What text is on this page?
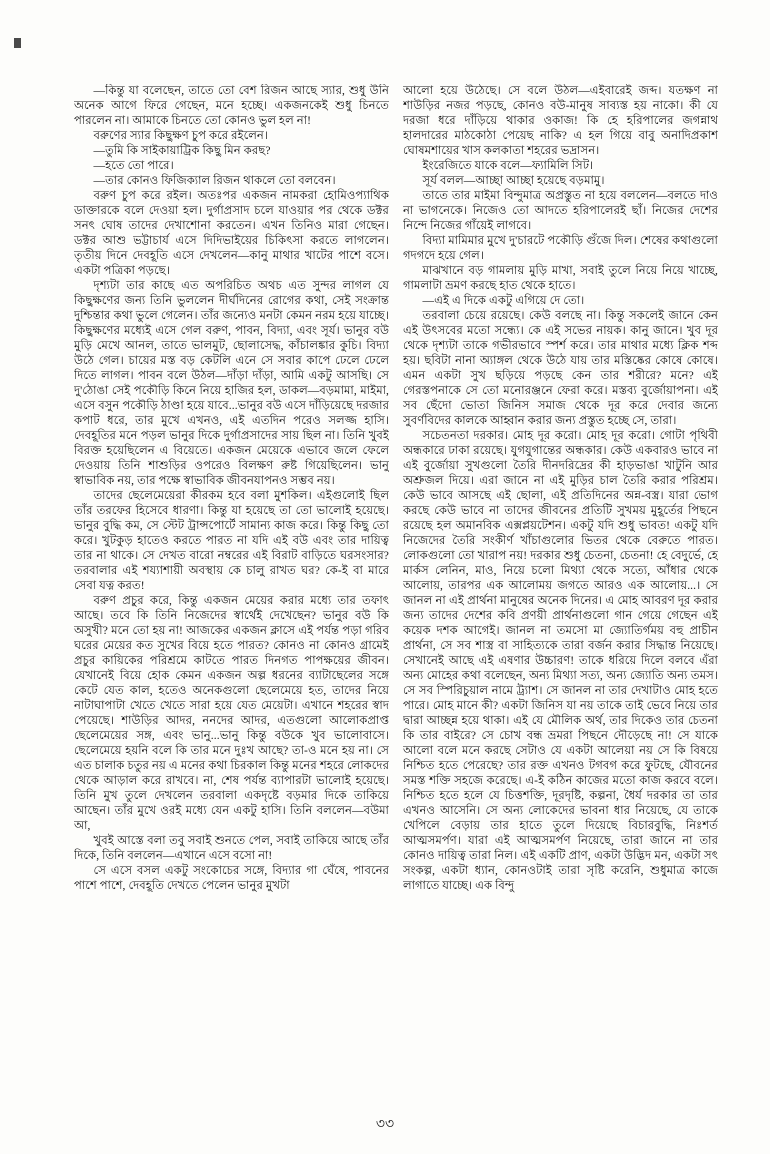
—কিন্তু যা বলেছেন, তাতে তো বেশ রিজন আছে স্যার, শুধু উনি অনেক আগে ফিরে গেছেন, মনে হচ্ছে। একজনকেই শুধু চিনতে পারলেন না। আমাকে চিনতে তো কোনও ভুল হল না!

বরুণের স্যার কিছুক্ষণ চুপ করে রইলেন।

—তুমি কি সাইকায়াট্রিক কিছু মিন করছ?

—হতে তো পারে।

—তার কোনও ফিজিক্যাল রিজন থাকলে তো বলবেন।

বরুণ চুপ করে রইল। অতঃপর একজন নামকরা হোমিওপ্যাথিক ডাক্তারকে বলে দেওয়া হল। দুর্গাপ্রসাদ চলে যাওয়ার পর থেকে ডক্টর সনৎ ঘোষ তাদের দেখাশোনা করতেন। এখন তিনিও মারা গেছেন। ডক্টর আশু ভট্টাচার্য এসে দিদিভাইয়ের চিকিৎসা করতে লাগলেন। তৃতীয় দিনে দেবহূতি এসে দেখলেন—কানু মাথার খাটের পাশে বসে। একটা পত্রিকা পড়ছে।

দৃশ্যটা তার কাছে এত অপরিচিত অথচ এত সুন্দর লাগল যে কিছুক্ষণের জন্য তিনি ভুললেন দীর্ঘদিনের রোগের কথা, সেই সংক্রান্ত দুশ্চিন্তার কথা ভুলে গেলেন। তাঁর জন্যেও মনটা কেমন নরম হয়ে যাচ্ছে। কিছুক্ষণের মধ্যেই এসে গেল বরুণ, পাবন, বিদ্যা, এবং সূর্য। ভানুর বউ মুড়ি মেখে আনল, তাতে ভালমুট, ছোলাসেদ্ধ, কাঁচালঙ্কার কুচি। বিদ্যা উঠে গেল। চায়ের মস্ত বড় কেটলি এনে সে সবার কাপে ঢেলে ঢেলে দিতে লাগল। পাবন বলে উঠল—দাঁড়া দাঁড়া, আমি একটু আসছি। সে দু'ঠোঙা সেই পকৌড়ি কিনে নিয়ে হাজির হল, ডাকল—বড়মামা, মাইমা, এসে বসুন পকৌড়ি ঠাণ্ডা হয়ে যাবে...ভানুর বউ এসে দাঁড়িয়েছে দরজার কপাট ধরে, তার মুখে এখনও, এই এতদিন পরেও সলজ্জ হাসি। দেবহূতির মনে পড়ল ভানুর দিকে দুর্গাপ্রসাদের সায় ছিল না। তিনি খুবই বিরক্ত হয়েছিলেন এ বিয়েতে। একজন মেয়েকে এভাবে জলে ফেলে দেওয়ায় তিনি শাশুড়ির ওপরেও বিলক্ষণ রুষ্ট গিয়েছিলেন। ভানু স্বাভাবিক নয়, তার পক্ষে স্বাভাবিক জীবনযাপনও সম্ভব নয়।

তাদের ছেলেমেয়েরা কীরকম হবে বলা মুশকিল। এইগুলোই ছিল তাঁর তরফের হিসেবে ধারণা। কিন্তু যা হয়েছে তা তো ভালোই হয়েছে। ভানুর বুদ্ধি কম, সে স্টেট ট্রান্সপোর্টে সামান্য কাজ করে। কিন্তু কিছু তো করে। খুটকুড় হাতেও করতে পারত না যদি এই বউ এবং তার দায়িত্ব তার না থাকে। সে দেখত বারো নম্বরের এই বিরাট বাড়িতে ঘরসংসার? তরবালার এই শয্যাশায়ী অবস্থায় কে চালু রাখত ঘর? কে-ই বা মারে সেবা যত্ন করত!

বরুণ প্রচুর করে, কিন্তু একজন মেয়ের করার মধ্যে তার তফাৎ আছে। তবে কি তিনি নিজেদের স্বার্থেই দেখেছেন? ভানুর বউ কি অসুখী? মনে তো হয় না! আজকের একজন ক্লাসে এই পর্যন্ত পড়া গরিব ঘরের মেয়ের কত সুখের বিয়ে হতে পারত? কোনও না কোনও গ্রামেই প্রচুর কায়িকের পরিশ্রমে কাটতে পারত দিনগত পাপক্ষয়ের জীবন। যেখানেই বিয়ে হোক কেমন একজন অল্প ধরনের ব্যাটাছেলের সঙ্গে কেটে যেত কাল, হতেও অনেকগুলো ছেলেমেয়ে হত, তাদের নিয়ে নাটাঘাপাটা খেতে খেতে সারা হয়ে যেত মেয়েটা। এখানে শহরের স্বাদ পেয়েছে। শাউড়ির আদর, ননদের আদর, এতগুলো আলোকপ্রাপ্ত ছেলেমেয়ের সঙ্গ, এবং ভানু...ভানু কিন্তু বউকে খুব ভালোবাসে। ছেলেমেয়ে হয়নি বলে কি তার মনে দুঃখ আছে? তা-ও মনে হয় না। সে এত চালাক চতুর নয় এ মনের কথা চিরকাল কিন্তু মনের শহরে লোকদের থেকে আড়াল করে রাখবে। না, শেষ পর্যন্ত ব্যাপারটা ভালোই হয়েছে। তিনি মুখ তুলে দেখলেন তরবালা একদৃষ্টে বড়মার দিকে তাকিয়ে আছেন। তাঁর মুখে ওরই মধ্যে যেন একটু হাসি। তিনি বললেন—বউমা আ,

খুবই আস্তে বলা তবু সবাই শুনতে পেল, সবাই তাকিয়ে আছে তাঁর দিকে, তিনি বললেন—এখানে এসে বসো না!

সে এসে বসল একটু সংকোচের সঙ্গে, বিদ্যার গা ঘেঁষে, পাবনের পাশে পাশে, দেবহূতি দেখতে পেলেন ভানুর মুখটা

আলো হয়ে উঠেছে। সে বলে উঠল—এইবারেই জব্দ। যতক্ষণ না শাউড়ির নজর পড়ছে, কোনও বউ-মানুষ সাব্যস্ত হয় নাকো। কী যে দরজা ধরে দাঁড়িয়ে থাকার ওকাজ! কি হে হরিপালের জগন্নাথ হালদারের মাঠকোঠা পেয়েছ নাকি? এ হল গিয়ে বাবু অনাদিপ্রকাশ ঘোষমশায়ের খাস কলকাতা শহরের ভদ্রাসন।

ইংরেজিতে যাকে বলে—ফ্যামিলি সিট।

সূর্য বলল—আচ্ছা আচ্ছা হয়েছে বড়মামু।

তাতে তার মাইমা বিন্দুমাত্র অপ্রস্তুত না হয়ে বললেন—বলতে দাও না ভাগনেকে। নিজেও তো আদতে হরিপালেরই ছাঁ। নিজের দেশের নিন্দে নিজের গাঁয়েই লাগবে।

বিদ্যা মামিমার মুখে দু'চারটে পকৌড়ি গুঁজে দিল। শেষের কথাগুলো গদগদে হয়ে গেল।

মাঝখানে বড় গামলায় মুড়ি মাখা, সবাই তুলে নিয়ে নিয়ে খাচ্ছে, গামলাটা ভ্রমণ করছে হাত থেকে হাতে।

—এই এ দিকে একটু এগিয়ে দে তো।

তরবালা চেয়ে রয়েছে। কেউ বলছে না। কিন্তু সকলেই জানে কেন এই উৎসবের মতো সন্ধ্যে। কে এই সভের নায়ক। কানু জানে। খুব দূর থেকে দৃশ্যটা তাকে গভীরভাবে স্পর্শ করে। তার মাথার মধ্যে ক্লিক শব্দ হয়। ছবিটা নানা অ্যাঙ্গল থেকে উঠে যায় তার মস্তিষ্কের কোষে কোষে। এমন একটা সুখ ছড়িয়ে পড়ছে কেন তার শরীরে? মনে? এই গেরস্তপনাকে সে তো মনোরঞ্জনে ফেরা করে। মস্তব্য বুর্জোয়াপনা। এই সব ছেঁদো ভোতা জিনিস সমাজ থেকে দূর করে দেবার জন্যে সুবর্ণবিদের কালকে আহ্বান করার জন্য প্রস্তুত হচ্ছে সে, তারা।

সচেতনতা দরকার। মোহ দূর করো। মোহ দূর করো। গোটা পৃথিবী অন্ধকারে ঢাকা রয়েছে। যুগযুগান্তের অন্ধকার। কেউ একবারও ভাবে না এই বুর্জোয়া সুখগুলো তৈরি দীনদরিদ্রের কী হাড়ভাঙা খাটুনি আর অশ্রুজল দিয়ে। এরা জানে না এই মুড়ির চাল তৈরি করার পরিশ্রম। কেউ ভাবে আসছে এই ছোলা, এই প্রতিদিনের অন্ন-বস্ত্র। যারা ভোগ করছে কেউ ভাবে না তাদের জীবনের প্রতিটি সুখময় মুহূর্তের পিছনে রয়েছে হল অমানবিক এক্সপ্লয়টেশন। একটু যদি শুধু ভাবত! একটু যদি নিজেদের তৈরি সংকীর্ণ খাঁচাগুলোর ভিতর থেকে বেরুতে পারত। লোকগুলো তো খারাপ নয়! দরকার শুধু চেতনা, চেতনা! হে বেদুর্ভে, হে মার্কস লেনিন, মাও, নিয়ে চলো মিথ্যা থেকে সত্যে, আঁধার থেকে আলোয়, তারপর এক আলোময় জগতে আরও এক আলোয়...। সে জানল না এই প্রার্থনা মানুষের অনেক দিনের। এ মোহ আবরণ দূর করার জন্য তাদের দেশের কবি প্রণয়ী প্রার্থনাগুলো গান গেয়ে গেছেন এই কয়েক দশক আগেই। জানল না তমসো মা জ্যোতির্গময় বহু প্রাচীন প্রার্থনা, সে সব শাস্ত্র বা সাহিত্যকে তারা বর্জন করার সিদ্ধান্ত নিয়েছে। সেখানেই আছে এই এষণার উচ্চারণ! তাকে ধরিয়ে দিলে বলবে এঁরা অন্য মোহের কথা বলেছেন, অন্য মিথ্যা সত্য, অন্য জ্যোতি অন্য তমস। সে সব স্পিরিচুয়াল নামে ট্র্যাশ। সে জানল না তার দেখাটাও মোহ হতে পারে। মোহ মানে কী? একটা জিনিস যা নয় তাকে তাই ভেবে নিয়ে তার দ্বারা আচ্ছন্ন হয়ে থাকা। এই যে মৌলিক অর্থ, তার দিকেও তার চেতনা কি তার বাইরে? সে চোখ বন্ধ ভ্রমরা পিছনে দৌড়েছে না! সে যাকে আলো বলে মনে করছে সেটাও যে একটা আলেয়া নয় সে কি বিষয়ে নিশ্চিত হতে পেরেছে? তার রক্ত এখনও টগবগ করে ফুটছে, যৌবনের সমস্ত শক্তি সহজে করেছে। এ-ই কঠিন কাজের মতো কাজ করবে বলে। নিশ্চিত হতে হলে যে চিত্তশক্তি, দূরদৃষ্টি, কল্পনা, ধৈর্য দরকার তা তার এখনও আসেনি। সে অন্য লোকেদের ভাবনা ধার নিয়েছে, যে তাকে খেপিলে বেড়ায় তার হাতে তুলে দিয়েছে বিচারবুদ্ধি, নিঃশর্ত আত্মসমর্পণ। যারা এই আত্মসমর্পণ নিয়েছে, তারা জানে না তার কোনও দায়িত্ব তারা নিল। এই একটি প্রাণ, একটা উদ্ভিদ মন, একটা সৎ সংকল্প, একটা ধ্যান, কোনওটাই তারা সৃষ্টি করেনি, শুধুমাত্র কাজে লাগাতে যাচ্ছে। এক বিন্দু

৩৩
